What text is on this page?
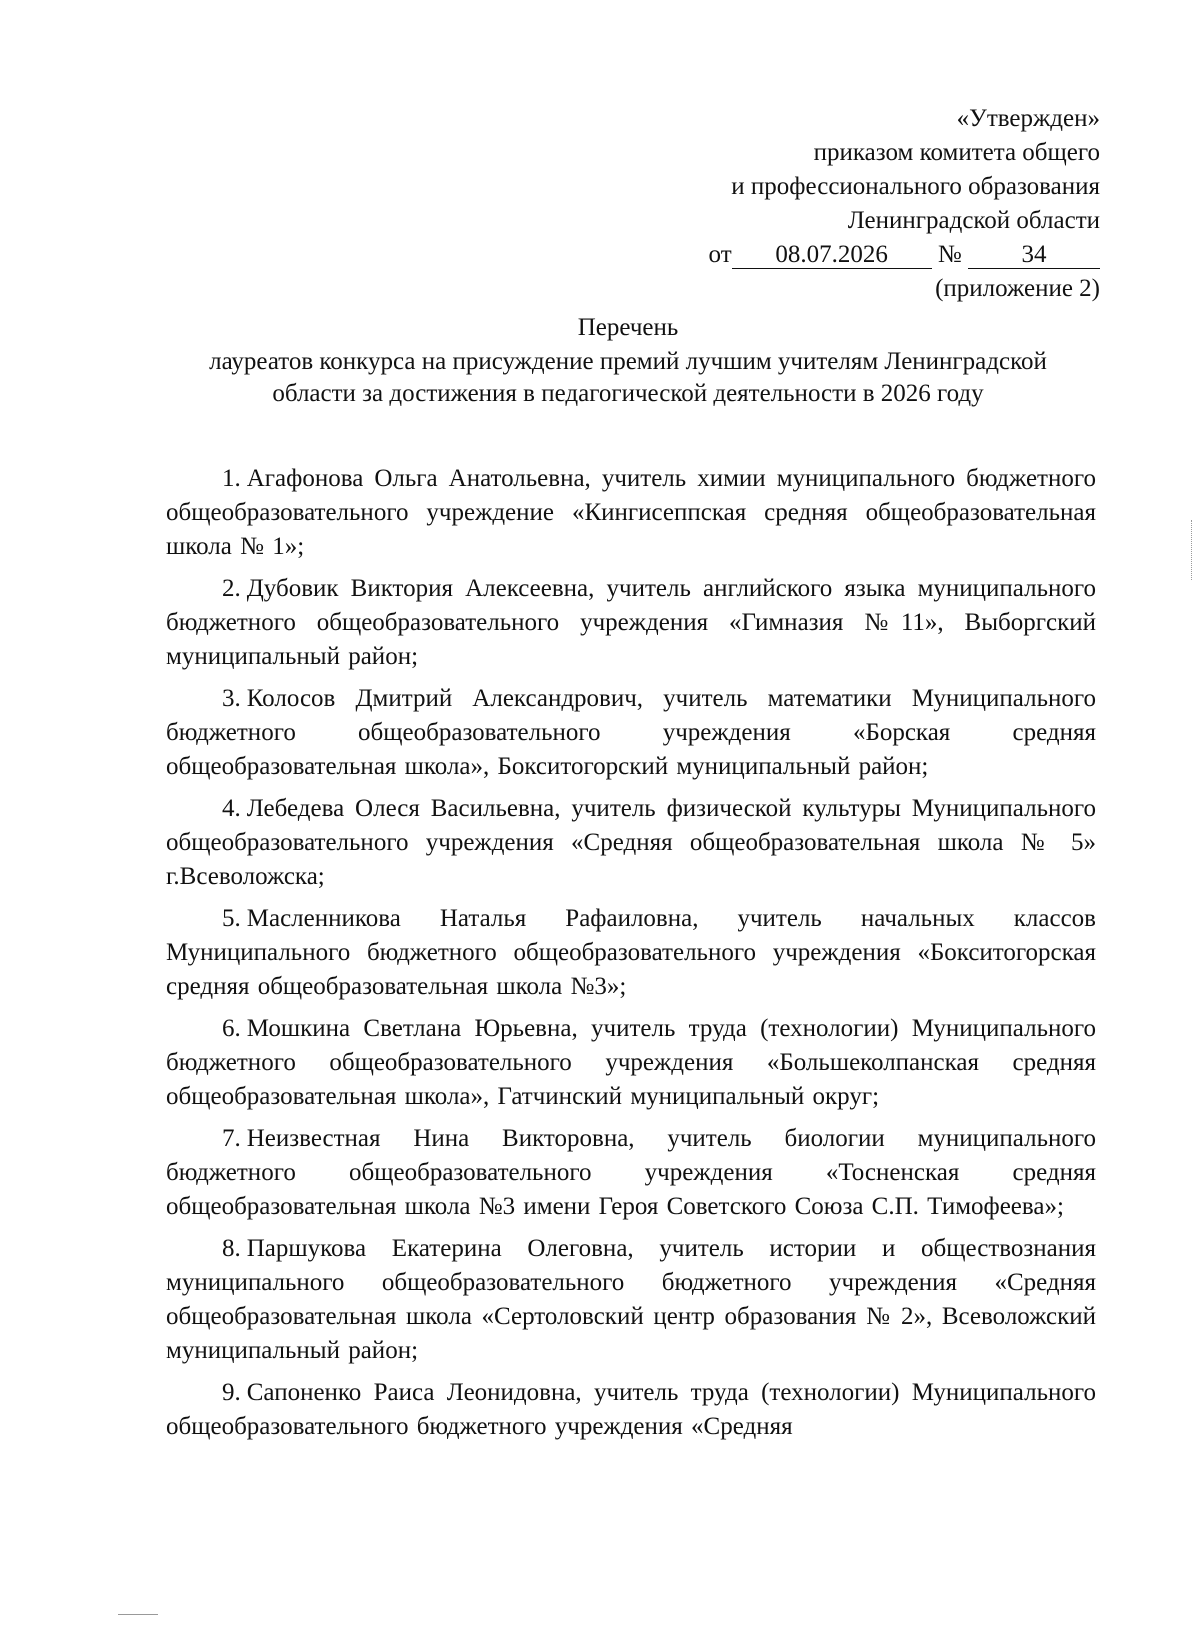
«Утвержден»
приказом комитета общего
и профессионального образования
Ленинградской области
от 08.07.2026 № 34
(приложение 2)
Перечень
лауреатов конкурса на присуждение премий лучшим учителям Ленинградской
области за достижения в педагогической деятельности в 2026 году

1. Агафонова Ольга Анатольевна, учитель химии муниципального бюджетного общеобразовательного учреждение «Кингисеппская средняя общеобразовательная школа № 1»;

2. Дубовик Виктория Алексеевна, учитель английского языка муниципального бюджетного общеобразовательного учреждения «Гимназия №11», Выборгский муниципальный район;

3. Колосов Дмитрий Александрович, учитель математики Муниципального бюджетного общеобразовательного учреждения «Борская средняя общеобразовательная школа», Бокситогорский муниципальный район;

4. Лебедева Олеся Васильевна, учитель физической культуры Муниципального общеобразовательного учреждения «Средняя общеобразовательная школа № 5» г.Всеволожска;

5. Масленникова Наталья Рафаиловна, учитель начальных классов Муниципального бюджетного общеобразовательного учреждения «Бокситогорская средняя общеобразовательная школа №3»;

6. Мошкина Светлана Юрьевна, учитель труда (технологии) Муниципального бюджетного общеобразовательного учреждения «Большеколпанская средняя общеобразовательная школа», Гатчинский муниципальный округ;

7. Неизвестная Нина Викторовна, учитель биологии муниципального бюджетного общеобразовательного учреждения «Тосненская средняя общеобразовательная школа №3 имени Героя Советского Союза С.П. Тимофеева»;

8. Паршукова Екатерина Олеговна, учитель истории и обществознания муниципального общеобразовательного бюджетного учреждения «Средняя общеобразовательная школа «Сертоловский центр образования № 2», Всеволожский муниципальный район;

9. Сапоненко Раиса Леонидовна, учитель труда (технологии) Муниципального общеобразовательного бюджетного учреждения «Средняя
